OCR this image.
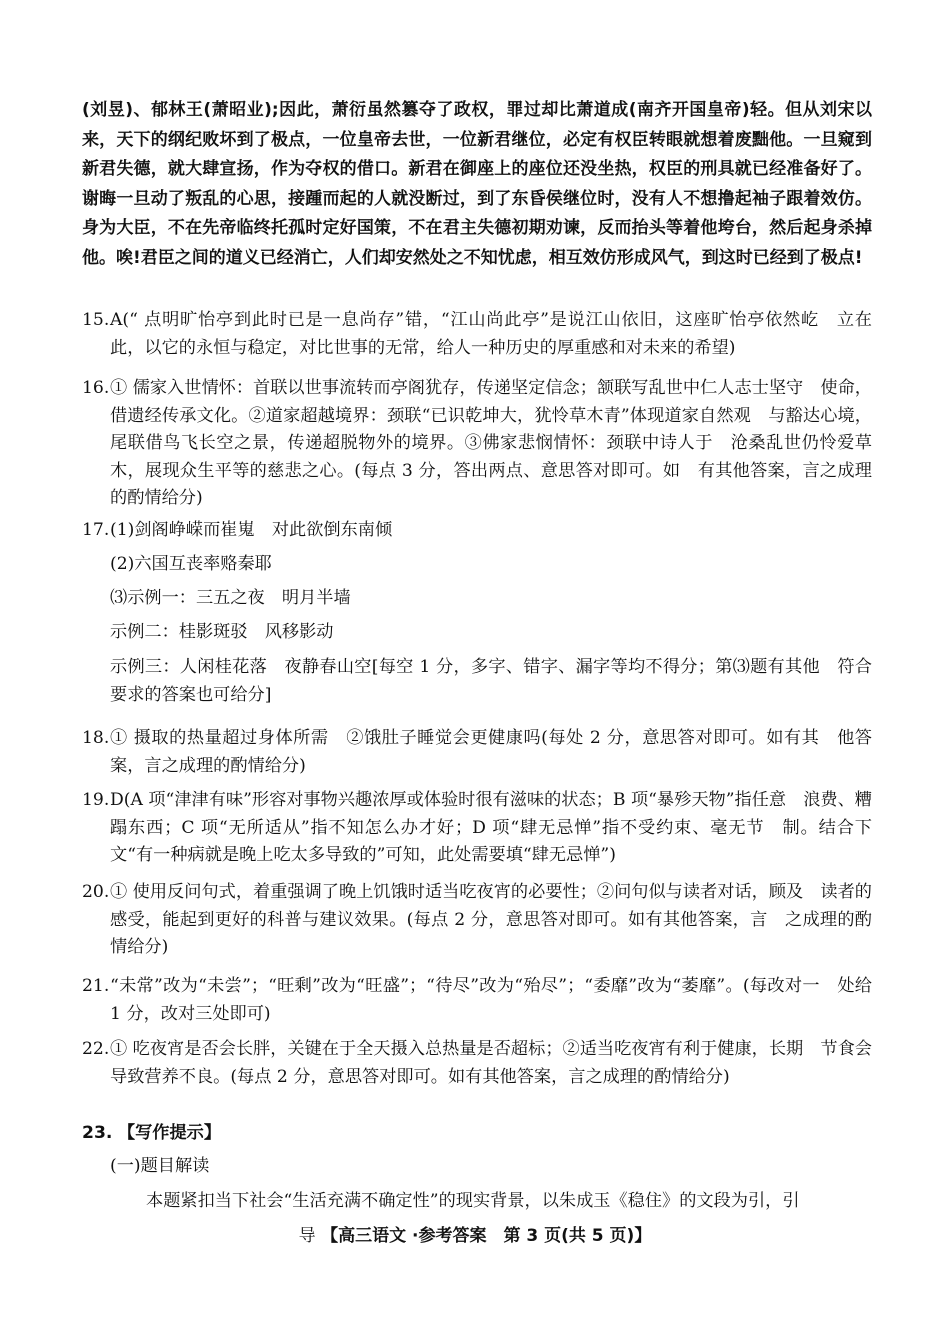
(刘昱)、郁林王(萧昭业);因此，萧衍虽然篡夺了政权，罪过却比萧道成(南齐开国皇帝)轻。但从刘宋以来，天下的纲纪败坏到了极点，一位皇帝去世，一位新君继位，必定有权臣转眼就想着废黜他。一旦窥到新君失德，就大肆宣扬，作为夺权的借口。新君在御座上的座位还没坐热，权臣的刑具就已经准备好了。谢晦一旦动了叛乱的心思，接踵而起的人就没断过，到了东昏侯继位时，没有人不想撸起袖子跟着效仿。身为大臣，不在先帝临终托孤时定好国策，不在君主失德初期劝谏，反而抬头等着他垮台，然后起身杀掉他。唉!君臣之间的道义已经消亡，人们却安然处之不知忧虑，相互效仿形成风气，到这时已经到了极点!
15. A(“ 点明旷怡亭到此时已是一息尚存”错，“江山尚此亭”是说江山依旧，这座旷怡亭依然屹　立在此，以它的永恒与稳定，对比世事的无常，给人一种历史的厚重感和对未来的希望)
16. ① 儒家入世情怀：首联以世事流转而亭阁犹存，传递坚定信念；颔联写乱世中仁人志士坚守　使命，借遗经传承文化。②道家超越境界：颈联“已识乾坤大，犹怜草木青”体现道家自然观　与豁达心境，尾联借鸟飞长空之景，传递超脱物外的境界。③佛家悲悯情怀：颈联中诗人于　沧桑乱世仍怜爱草木，展现众生平等的慈悲之心。(每点 3 分，答出两点、意思答对即可。如　有其他答案，言之成理的酌情给分)
17. (1)剑阁峥嵘而崔嵬　对此欲倒东南倾
(2)六国互丧率赂秦耶
⑶示例一：三五之夜　明月半墙
示例二：桂影斑驳　风移影动
示例三：人闲桂花落　夜静春山空[每空 1 分，多字、错字、漏字等均不得分；第⑶题有其他　符合要求的答案也可给分]
18. ① 摄取的热量超过身体所需　②饿肚子睡觉会更健康吗(每处 2 分，意思答对即可。如有其　他答案，言之成理的酌情给分)
19. D(A 项“津津有味”形容对事物兴趣浓厚或体验时很有滋味的状态；B 项“暴殄天物”指任意　浪费、糟蹋东西；C 项“无所适从”指不知怎么办才好；D 项“肆无忌惮”指不受约束、毫无节　制。结合下文“有一种病就是晚上吃太多导致的”可知，此处需要填“肆无忌惮”)
20. ① 使用反问句式，着重强调了晚上饥饿时适当吃夜宵的必要性；②问句似与读者对话，顾及　读者的感受，能起到更好的科普与建议效果。(每点 2 分，意思答对即可。如有其他答案，言　之成理的酌情给分)
21. “未常”改为“未尝”；“旺剩”改为“旺盛”；“待尽”改为“殆尽”；“委靡”改为“萎靡”。(每改对一　处给 1 分，改对三处即可)
22. ① 吃夜宵是否会长胖，关键在于全天摄入总热量是否超标；②适当吃夜宵有利于健康，长期　节食会导致营养不良。(每点 2 分，意思答对即可。如有其他答案，言之成理的酌情给分)
23. 【写作提示】
(一)题目解读
本题紧扣当下社会“生活充满不确定性”的现实背景，以朱成玉《稳住》的文段为引，引
导 【高三语文 ·参考答案　第 3 页(共 5 页)】
